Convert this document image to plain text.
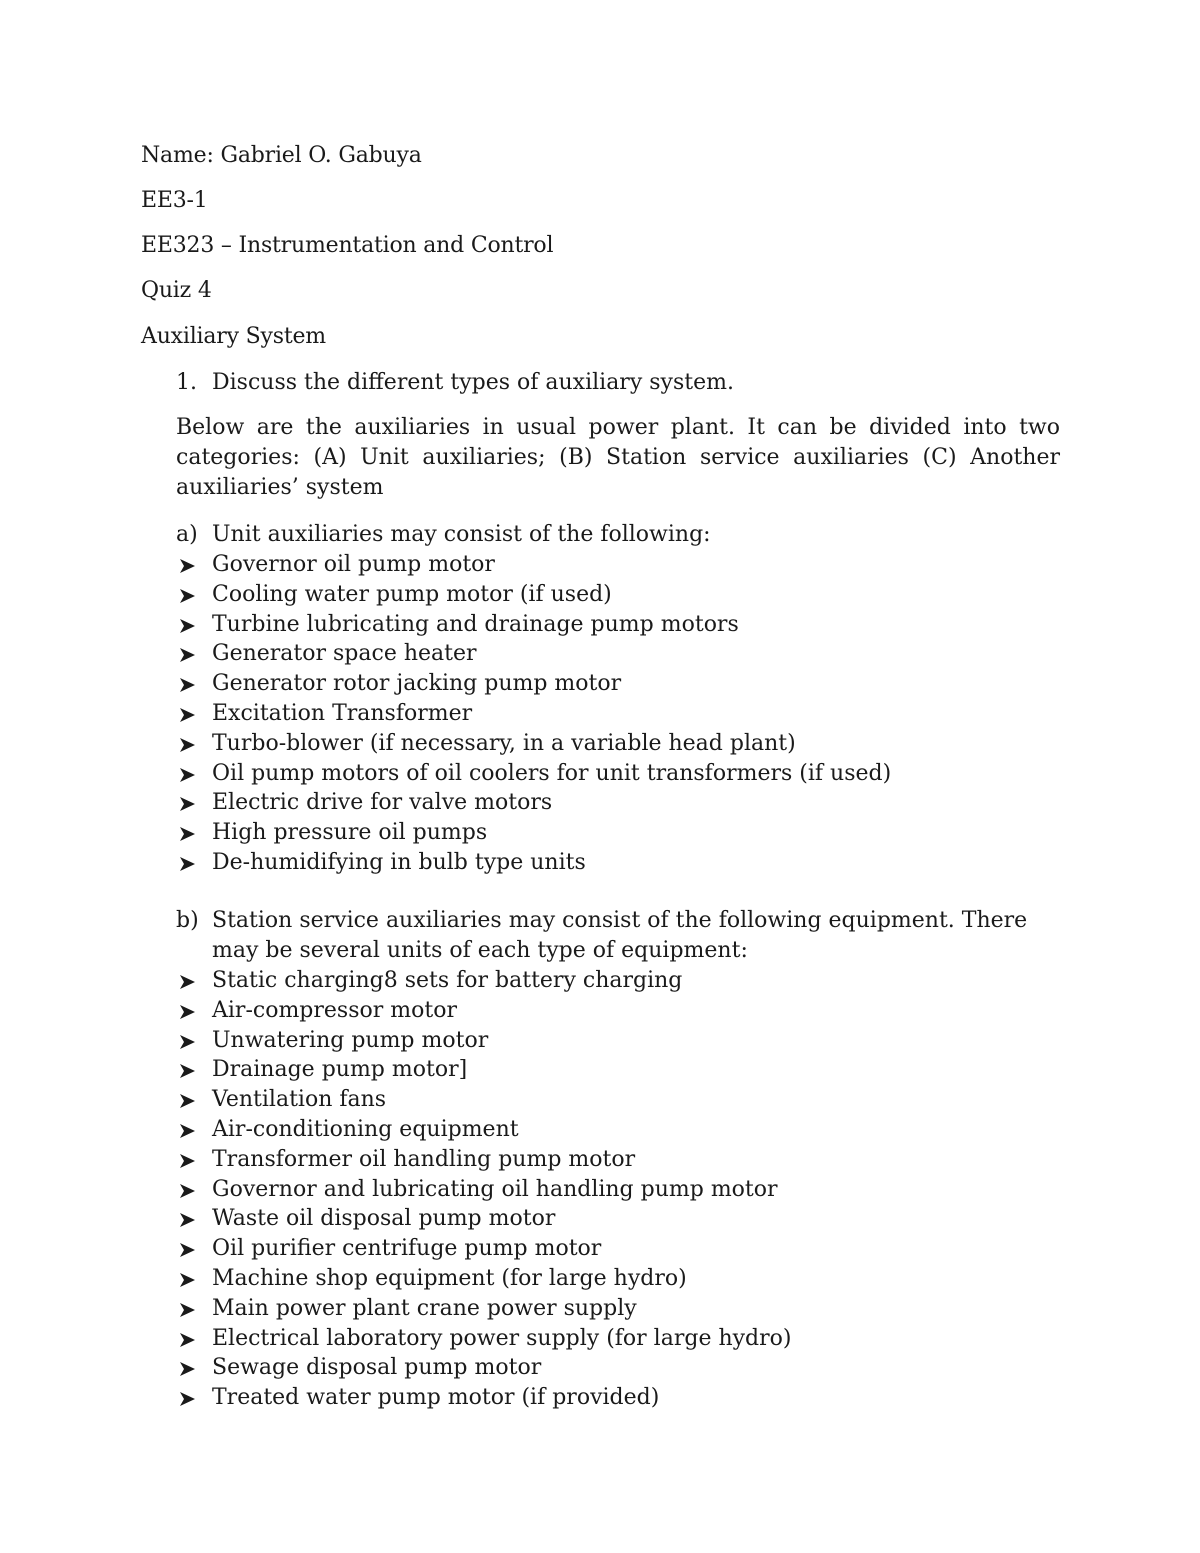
Name: Gabriel O. Gabuya
EE3-1
EE323 – Instrumentation and Control
Quiz 4
Auxiliary System
1. Discuss the different types of auxiliary system.
Below are the auxiliaries in usual power plant. It can be divided into two categories: (A) Unit auxiliaries; (B) Station service auxiliaries (C) Another auxiliaries’ system
a) Unit auxiliaries may consist of the following:
Governor oil pump motor
Cooling water pump motor (if used)
Turbine lubricating and drainage pump motors
Generator space heater
Generator rotor jacking pump motor
Excitation Transformer
Turbo-blower (if necessary, in a variable head plant)
Oil pump motors of oil coolers for unit transformers (if used)
Electric drive for valve motors
High pressure oil pumps
De-humidifying in bulb type units
b) Station service auxiliaries may consist of the following equipment. There may be several units of each type of equipment:
Static charging8 sets for battery charging
Air-compressor motor
Unwatering pump motor
Drainage pump motor]
Ventilation fans
Air-conditioning equipment
Transformer oil handling pump motor
Governor and lubricating oil handling pump motor
Waste oil disposal pump motor
Oil purifier centrifuge pump motor
Machine shop equipment (for large hydro)
Main power plant crane power supply
Electrical laboratory power supply (for large hydro)
Sewage disposal pump motor
Treated water pump motor (if provided)
